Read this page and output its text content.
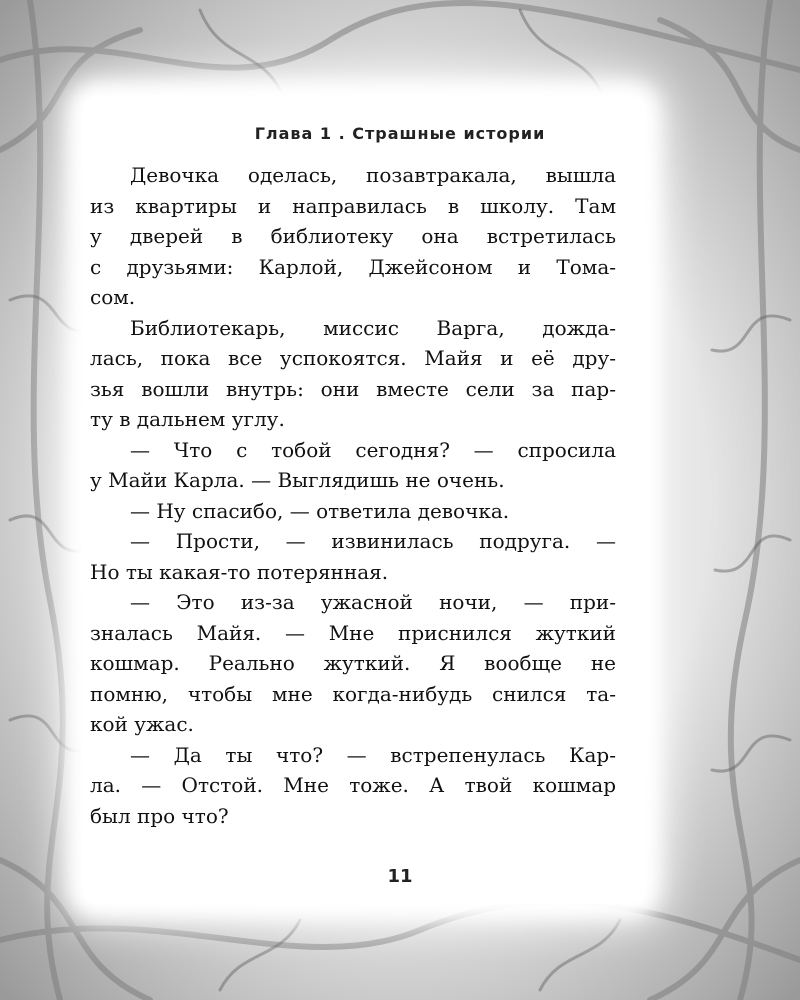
Глава 1 . Страшные истории
Девочка оделась, позавтракала, вышла
из квартиры и направилась в школу. Там
у дверей в библиотеку она встретилась
с друзьями: Карлой, Джейсоном и Тома-
сом.
Библиотекарь, миссис Варга, дожда-
лась, пока все успокоятся. Майя и её дру-
зья вошли внутрь: они вместе сели за пар-
ту в дальнем углу.
— Что с тобой сегодня? — спросила
у Майи Карла. — Выглядишь не очень.
— Ну спасибо, — ответила девочка.
— Прости, — извинилась подруга. —
Но ты какая-то потерянная.
— Это из-за ужасной ночи, — при-
зналась Майя. — Мне приснился жуткий
кошмар. Реально жуткий. Я вообще не
помню, чтобы мне когда-нибудь снился та-
кой ужас.
— Да ты что? — встрепенулась Кар-
ла. — Отстой. Мне тоже. А твой кошмар
был про что?
11
